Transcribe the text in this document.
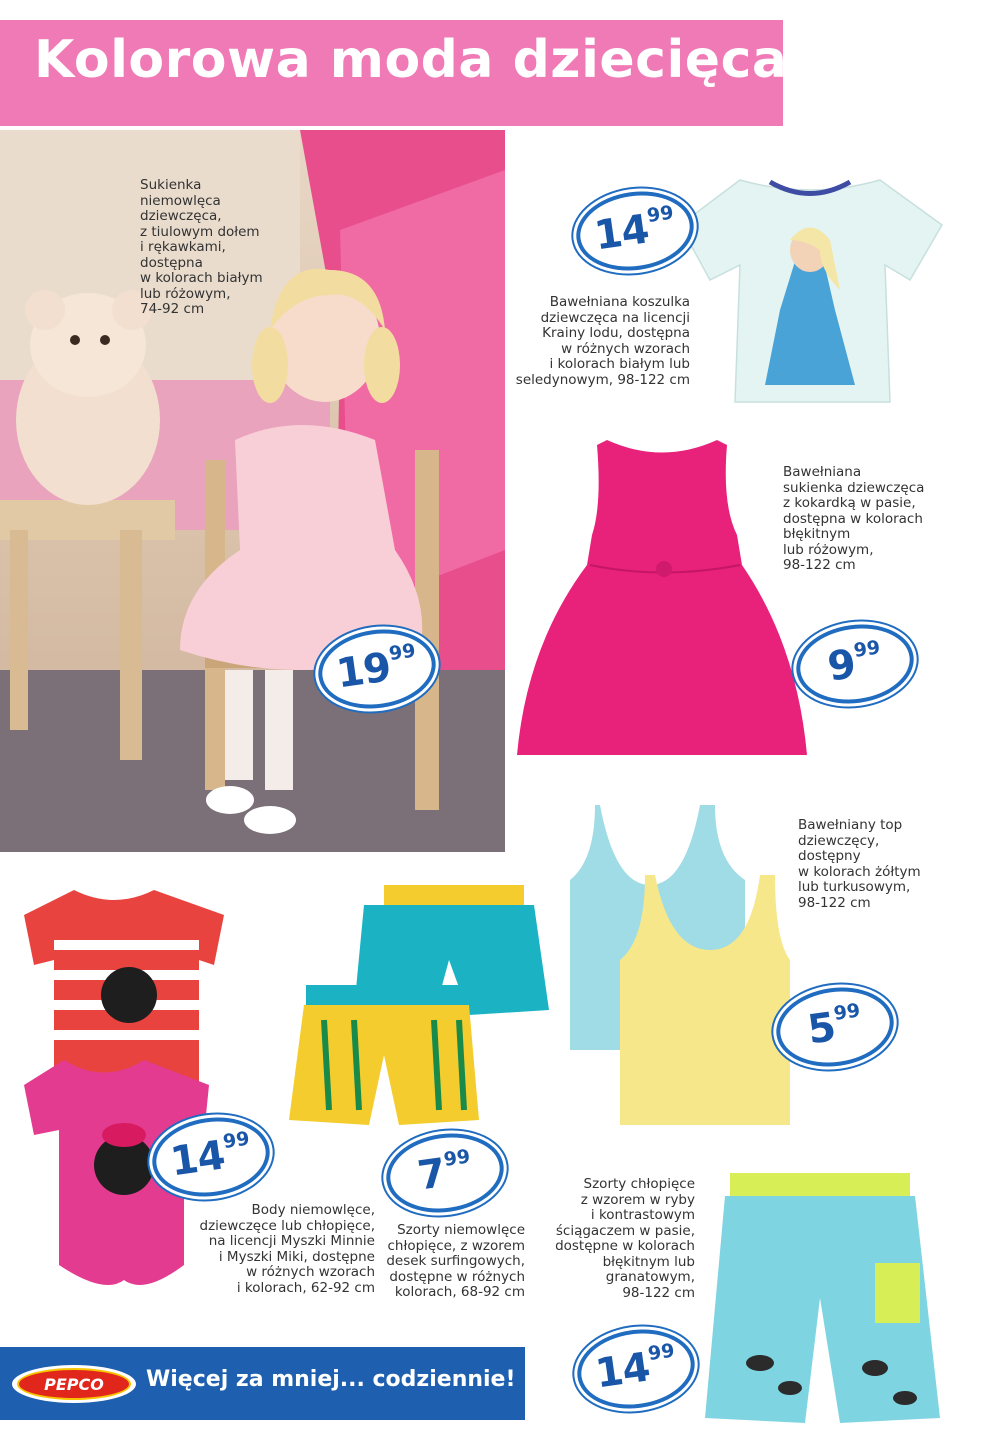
Kolorowa moda dziecięca
Sukienka
niemowlęca
dziewczęca,
z tiulowym dołem
i rękawkami,
dostępna
w kolorach białym
lub różowym,
74-92 cm
19
99
14
99
Bawełniana koszulka
dziewczęca na licencji
Krainy lodu, dostępna
w różnych wzorach
i kolorach białym lub
seledynowym, 98-122 cm
Bawełniana
sukienka dziewczęca
z kokardką w pasie,
dostępna w kolorach
błękitnym
lub różowym,
98-122 cm
9
99
Bawełniany top
dziewczęcy,
dostępny
w kolorach żółtym
lub turkusowym,
98-122 cm
5
99
14
99
Body niemowlęce,
dziewczęce lub chłopięce,
na licencji Myszki Minnie
i Myszki Miki, dostępne
w różnych wzorach
i kolorach, 62-92 cm
7
99
Szorty niemowlęce
chłopięce, z wzorem
desek surfingowych,
dostępne w różnych
kolorach, 68-92 cm
Szorty chłopięce
z wzorem w ryby
i kontrastowym
ściągaczem w pasie,
dostępne w kolorach
błękitnym lub
granatowym,
98-122 cm
14
99
PEPCO	Więcej za mniej... codziennie!
